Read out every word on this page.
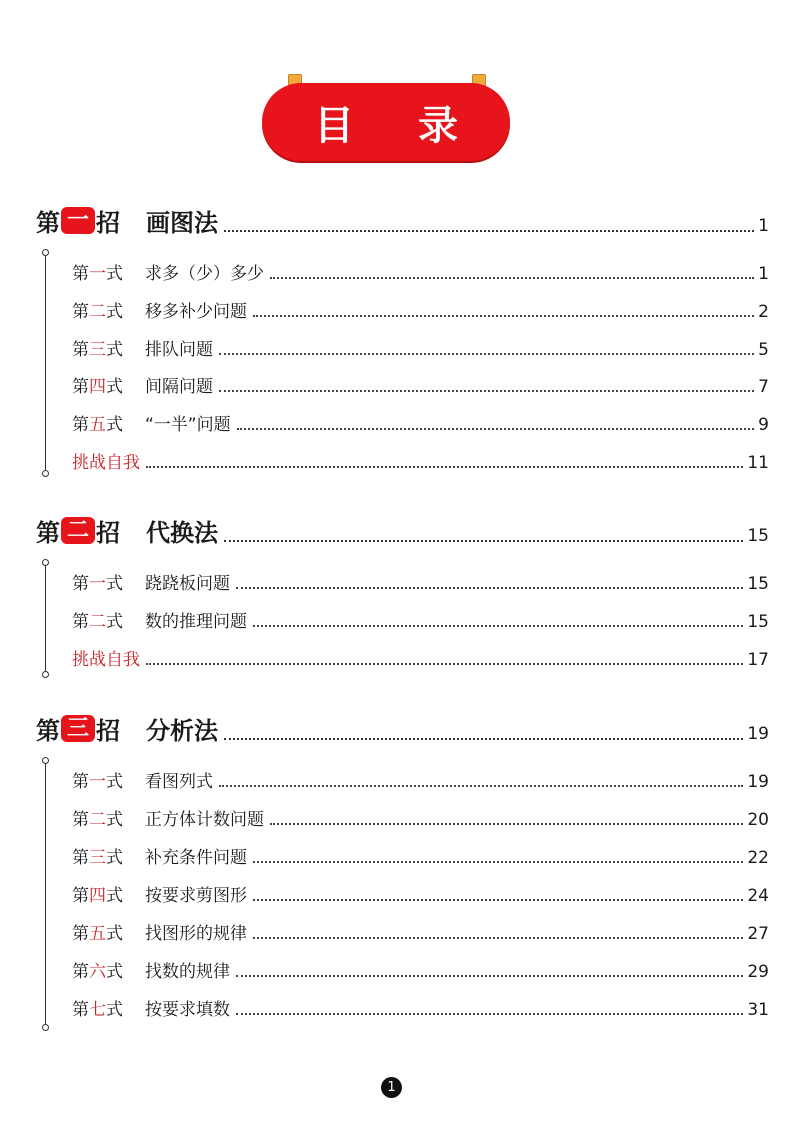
目 录
第 一 招 画图法	1
第 一 式 求多（少）多少	1
第 二 式 移多补少问题	2
第 三 式 排队问题	5
第 四 式 间隔问题	7
第 五 式 “一半”问题	9
挑战自我	11
第 二 招 代换法	15
第 一 式 跷跷板问题	15
第 二 式 数的推理问题	15
挑战自我	17
第 三 招 分析法	19
第 一 式 看图列式	19
第 二 式 正方体计数问题	20
第 三 式 补充条件问题	22
第 四 式 按要求剪图形	24
第 五 式 找图形的规律	27
第 六 式 找数的规律	29
第 七 式 按要求填数	31
1
